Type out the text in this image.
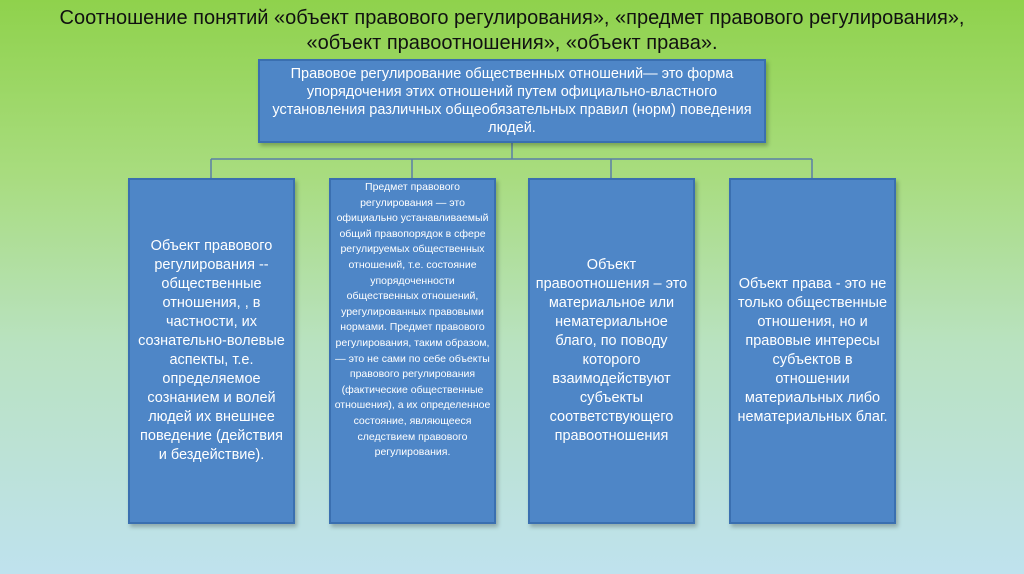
Соотношение понятий «объект правового регулирования», «предмет правового регулирования», «объект правоотношения», «объект права».
Правовое регулирование общественных отношений— это форма упорядочения этих отношений путем официально-властного установления различных общеобязательных правил (норм) поведения людей.
Объект правового регулирования -- общественные отношения, , в частности, их сознательно-волевые аспекты, т.е. определяемое сознанием и волей людей их внешнее поведение (действия и бездействие).
Предмет правового регулирования — это официально устанавливаемый общий правопорядок в сфере регулируемых общественных отношений, т.е. состояние упорядоченности общественных отношений, урегулированных правовыми нормами. Предмет правового регулирования, таким образом, — это не сами по себе объекты правового регулирования (фактические общественные отношения), а их определенное состояние, являющееся следствием правового регулирования.
Объект правоотношения – это материальное или нематериальное благо, по поводу которого взаимодействуют субъекты соответствующего правоотношения
Объект права - это не только общественные отношения, но и правовые интересы субъектов в отношении материальных либо нематериальных благ.
